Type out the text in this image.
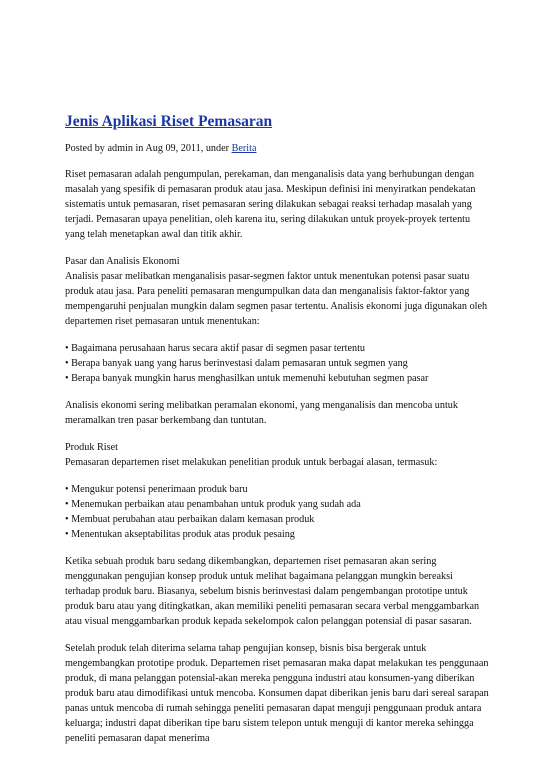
Jenis Aplikasi Riset Pemasaran
Posted by admin in Aug 09, 2011, under Berita

Riset pemasaran adalah pengumpulan, perekaman, dan menganalisis data yang berhubungan dengan masalah yang spesifik di pemasaran produk atau jasa. Meskipun definisi ini menyiratkan pendekatan sistematis untuk pemasaran, riset pemasaran sering dilakukan sebagai reaksi terhadap masalah yang terjadi. Pemasaran upaya penelitian, oleh karena itu, sering dilakukan untuk proyek-proyek tertentu yang telah menetapkan awal dan titik akhir.

Pasar dan Analisis Ekonomi
Analisis pasar melibatkan menganalisis pasar-segmen faktor untuk menentukan potensi pasar suatu produk atau jasa. Para peneliti pemasaran mengumpulkan data dan menganalisis faktor-faktor yang mempengaruhi penjualan mungkin dalam segmen pasar tertentu. Analisis ekonomi juga digunakan oleh departemen riset pemasaran untuk menentukan:

• Bagaimana perusahaan harus secara aktif pasar di segmen pasar tertentu
• Berapa banyak uang yang harus berinvestasi dalam pemasaran untuk segmen yang
• Berapa banyak mungkin harus menghasilkan untuk memenuhi kebutuhan segmen pasar

Analisis ekonomi sering melibatkan peramalan ekonomi, yang menganalisis dan mencoba untuk meramalkan tren pasar berkembang dan tuntutan.

Produk Riset
Pemasaran departemen riset melakukan penelitian produk untuk berbagai alasan, termasuk:

• Mengukur potensi penerimaan produk baru
• Menemukan perbaikan atau penambahan untuk produk yang sudah ada
• Membuat perubahan atau perbaikan dalam kemasan produk
• Menentukan akseptabilitas produk atas produk pesaing

Ketika sebuah produk baru sedang dikembangkan, departemen riset pemasaran akan sering menggunakan pengujian konsep produk untuk melihat bagaimana pelanggan mungkin bereaksi terhadap produk baru. Biasanya, sebelum bisnis berinvestasi dalam pengembangan prototipe untuk produk baru atau yang ditingkatkan, akan memiliki peneliti pemasaran secara verbal menggambarkan atau visual menggambarkan produk kepada sekelompok calon pelanggan potensial di pasar sasaran.

Setelah produk telah diterima selama tahap pengujian konsep, bisnis bisa bergerak untuk mengembangkan prototipe produk. Departemen riset pemasaran maka dapat melakukan tes penggunaan produk, di mana pelanggan potensial-akan mereka pengguna industri atau konsumen-yang diberikan produk baru atau dimodifikasi untuk mencoba. Konsumen dapat diberikan jenis baru dari sereal sarapan panas untuk mencoba di rumah sehingga peneliti pemasaran dapat menguji penggunaan produk antara keluarga; industri dapat diberikan tipe baru sistem telepon untuk menguji di kantor mereka sehingga peneliti pemasaran dapat menerima
